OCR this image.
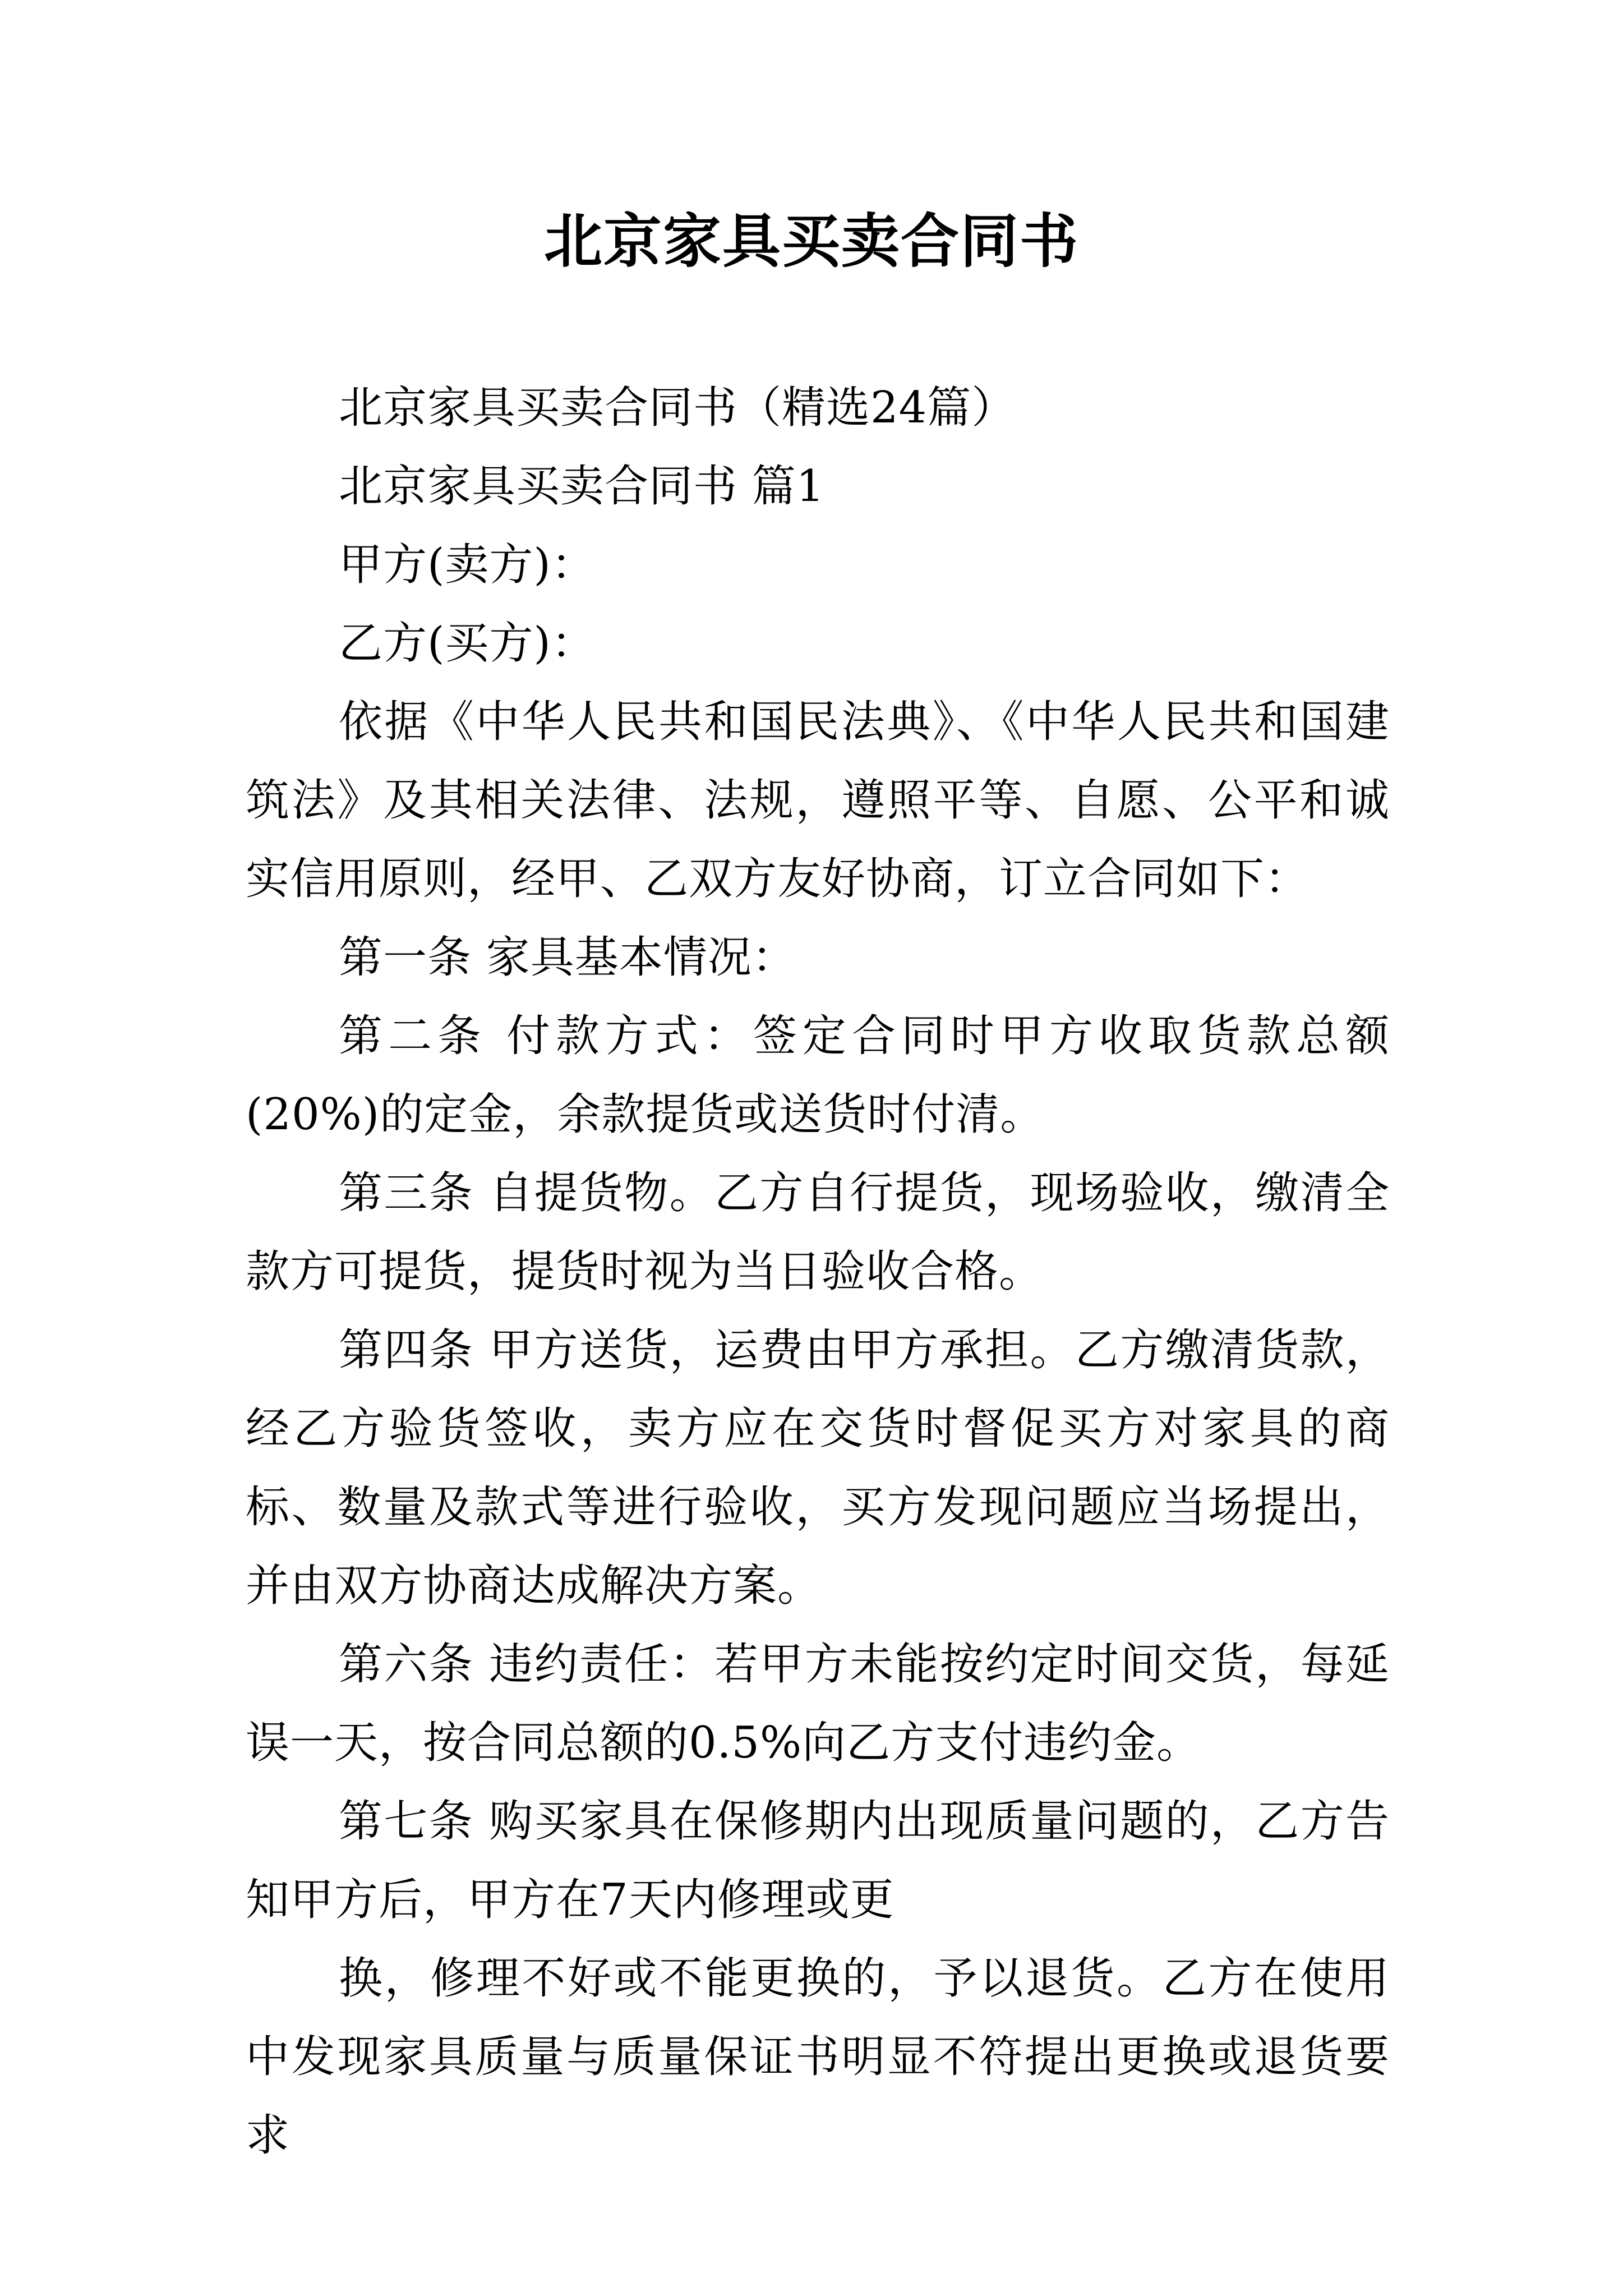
北京家具买卖合同书

北京家具买卖合同书（精选24篇）

北京家具买卖合同书 篇1

甲方(卖方)：

乙方(买方)：

依据《中华人民共和国民法典》、《中华人民共和国建筑法》及其相关法律、法规，遵照平等、自愿、公平和诚实信用原则，经甲、乙双方友好协商，订立合同如下：

第一条 家具基本情况：

第二条 付款方式：签定合同时甲方收取货款总额(20%)的定金，余款提货或送货时付清。

第三条 自提货物。乙方自行提货，现场验收，缴清全款方可提货，提货时视为当日验收合格。

第四条 甲方送货，运费由甲方承担。乙方缴清货款，经乙方验货签收，卖方应在交货时督促买方对家具的商标、数量及款式等进行验收，买方发现问题应当场提出，并由双方协商达成解决方案。

第六条 违约责任：若甲方未能按约定时间交货，每延误一天，按合同总额的0.5%向乙方支付违约金。

第七条 购买家具在保修期内出现质量问题的，乙方告知甲方后，甲方在7天内修理或更

换，修理不好或不能更换的，予以退货。乙方在使用中发现家具质量与质量保证书明显不符提出更换或退货要求
